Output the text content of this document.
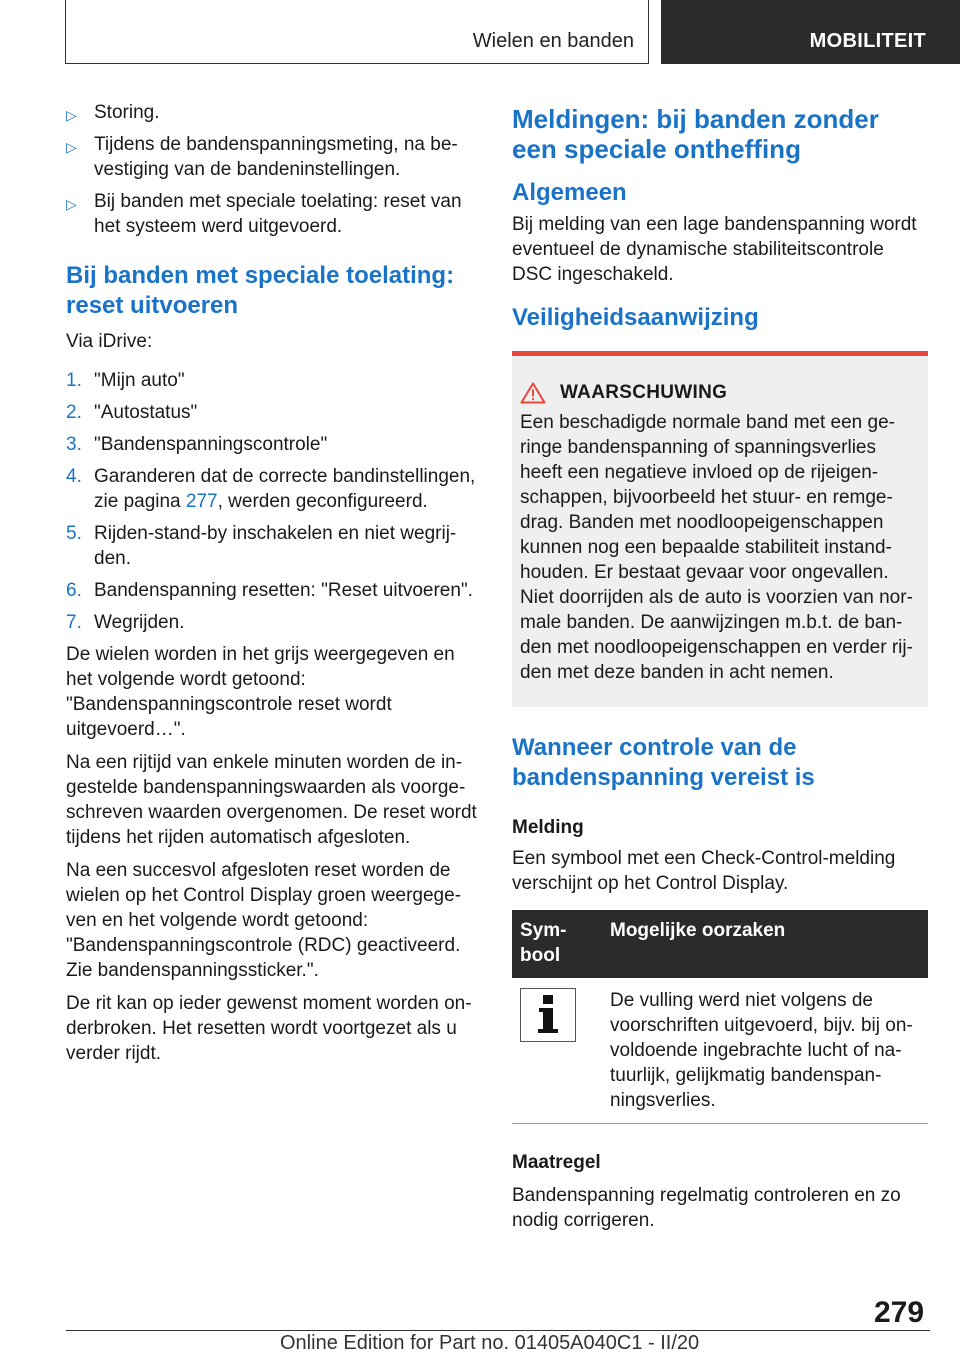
Wielen en banden	MOBILITEIT
▷ Storing.
▷ Tijdens de bandenspanningsmeting, na bevestiging van de bandeninstellingen.
▷ Bij banden met speciale toelating: reset van het systeem werd uitgevoerd.
Bij banden met speciale toelating: reset uitvoeren

Via iDrive:

1. "Mijn auto"
2. "Autostatus"
3. "Bandenspanningscontrole"
4. Garanderen dat de correcte bandinstellingen, zie pagina 277, werden geconfigureerd.
5. Rijden-stand-by inschakelen en niet wegrijden.
6. Bandenspanning resetten: "Reset uitvoeren".
7. Wegrijden.

De wielen worden in het grijs weergegeven en het volgende wordt getoond: "Bandenspanningscontrole reset wordt uitgevoerd…".

Na een rijtijd van enkele minuten worden de ingestelde bandenspanningswaarden als voorgeschreven waarden overgenomen. De reset wordt tijdens het rijden automatisch afgesloten.

Na een succesvol afgesloten reset worden de wielen op het Control Display groen weergegeven en het volgende wordt getoond: "Bandenspanningscontrole (RDC) geactiveerd. Zie bandenspanningssticker.".

De rit kan op ieder gewenst moment worden onderbroken. Het resetten wordt voortgezet als u verder rijdt.

Meldingen: bij banden zonder een speciale ontheffing
Algemeen

Bij melding van een lage bandenspanning wordt eventueel de dynamische stabiliteitscontrole DSC ingeschakeld.

Veiligheidsaanwijzing
WAARSCHUWING

Een beschadigde normale band met een geringe bandenspanning of spanningsverlies heeft een negatieve invloed op de rijeigenschappen, bijvoorbeeld het stuur- en remgedrag. Banden met noodloopeigenschappen kunnen nog een bepaalde stabiliteit instandhouden. Er bestaat gevaar voor ongevallen. Niet doorrijden als de auto is voorzien van normale banden. De aanwijzingen m.b.t. de banden met noodloopeigenschappen en verder rijden met deze banden in acht nemen.

Wanneer controle van de bandenspanning vereist is
Melding

Een symbool met een Check-Control-melding verschijnt op het Control Display.

Symbool	Mogelijke oorzaken

	De vulling werd niet volgens de voorschriften uitgevoerd, bijv. bij onvoldoende ingebrachte lucht of natuurlijk, gelijkmatig bandenspanningsverlies.
Maatregel

Bandenspanning regelmatig controleren en zo nodig corrigeren.

279
Online Edition for Part no. 01405A040C1 - II/20
